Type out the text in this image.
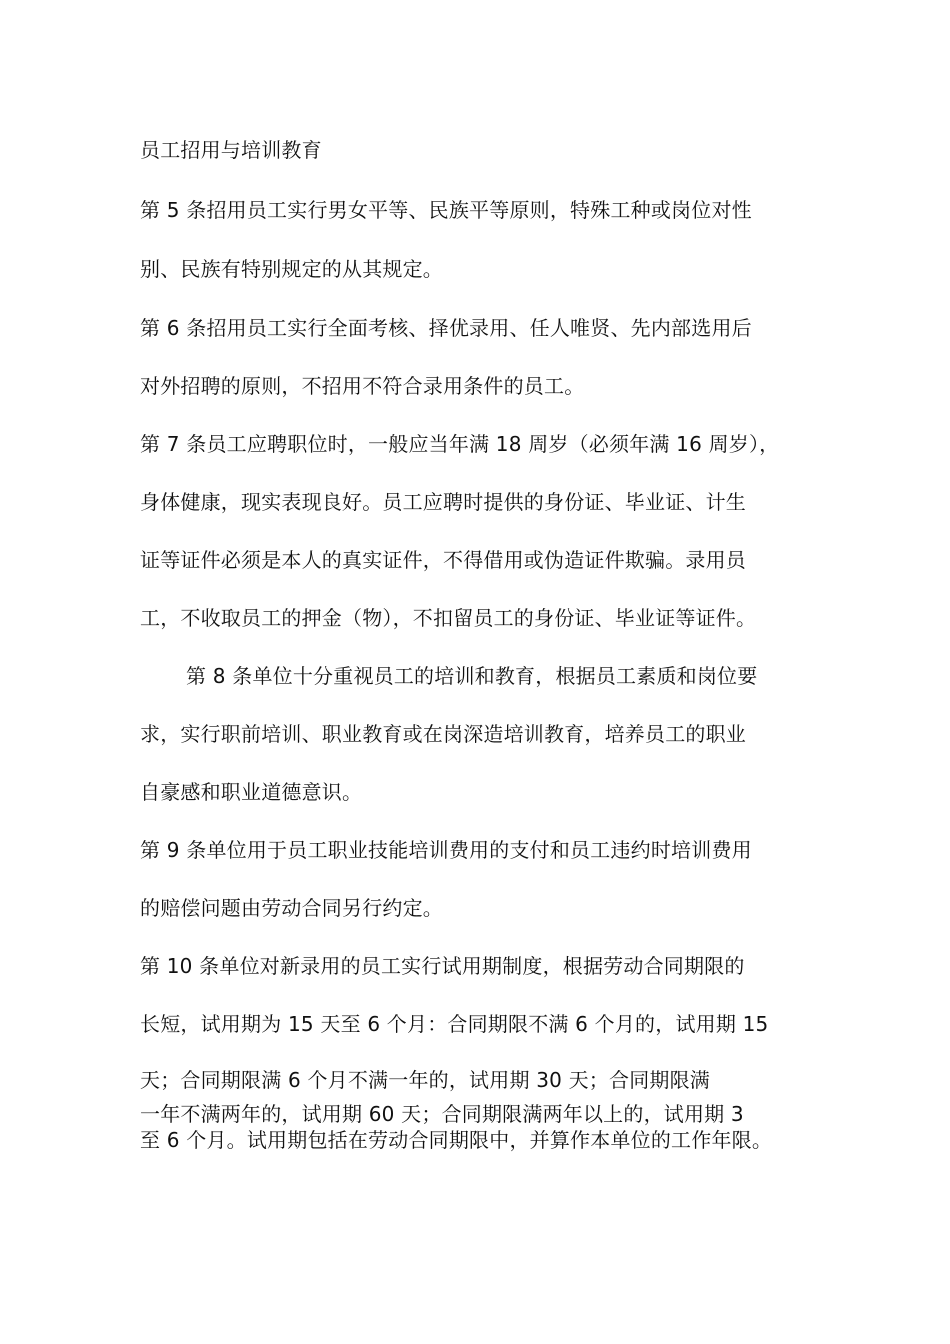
员工招用与培训教育
第 5 条招用员工实行男女平等、民族平等原则，特殊工种或岗位对性
别、民族有特别规定的从其规定。
第 6 条招用员工实行全面考核、择优录用、任人唯贤、先内部选用后
对外招聘的原则，不招用不符合录用条件的员工。
第 7 条员工应聘职位时，一般应当年满 18 周岁（必须年满 16 周岁），
身体健康，现实表现良好。员工应聘时提供的身份证、毕业证、计生
证等证件必须是本人的真实证件，不得借用或伪造证件欺骗。录用员
工，不收取员工的押金（物），不扣留员工的身份证、毕业证等证件。
第 8 条单位十分重视员工的培训和教育，根据员工素质和岗位要
求，实行职前培训、职业教育或在岗深造培训教育，培养员工的职业
自豪感和职业道德意识。
第 9 条单位用于员工职业技能培训费用的支付和员工违约时培训费用
的赔偿问题由劳动合同另行约定。
第 10 条单位对新录用的员工实行试用期制度，根据劳动合同期限的
长短，试用期为 15 天至 6 个月：合同期限不满 6 个月的，试用期 15
天；合同期限满 6 个月不满一年的，试用期 30 天；合同期限满
一年不满两年的，试用期 60 天；合同期限满两年以上的，试用期 3
至 6 个月。试用期包括在劳动合同期限中，并算作本单位的工作年限。
